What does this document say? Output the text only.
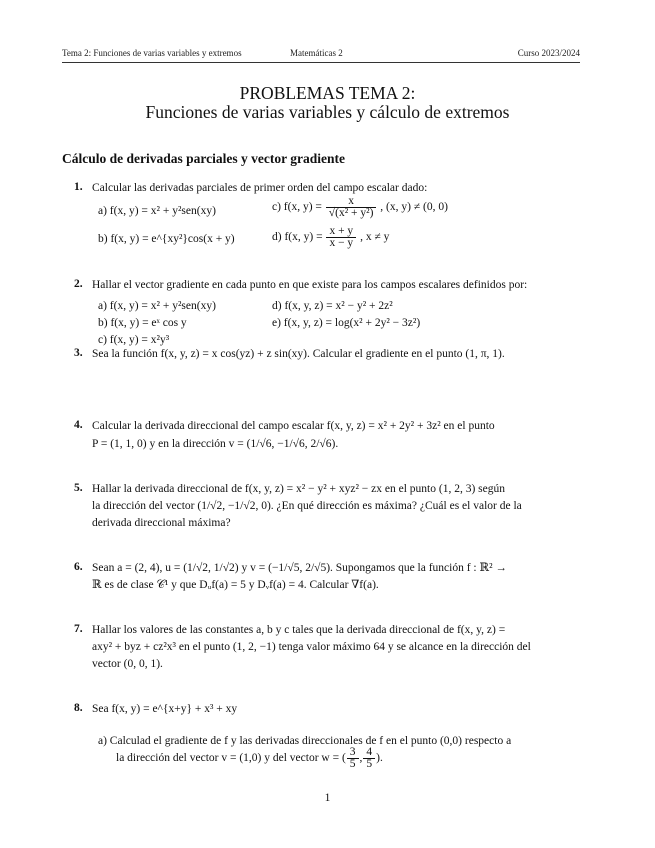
Tema 2: Funciones de varias variables y extremos	Matemáticas 2	Curso 2023/2024
PROBLEMAS TEMA 2:
Funciones de varias variables y cálculo de extremos
Cálculo de derivadas parciales y vector gradiente
1. Calcular las derivadas parciales de primer orden del campo escalar dado:
a) f(x, y) = x² + y²sen(xy)
b) f(x, y) = e^{xy²}cos(x + y)
c) f(x, $y) = \frac{x}{\text{√(x² + y²)}}$ , (x, y) ≠ (0, 0)
d) f(x, $y) = \frac{x + y}{x - y}$ , x ≠ y
2. Hallar el vector gradiente en cada punto en que existe para los campos escalares definidos por:
a) f(x, y) = x² + y²sen(xy)
b) f(x, y) = eˣ cos y
c) f(x, y) = x²y³
d) f(x, y, z) = x² − y² + 2z²
e) f(x, y, z) = log(x² + 2y² − 3z²)
3. Sea la función f(x, y, z) = x cos(yz) + z sin(xy). Calcular el gradiente en el punto (1, π, 1).
4. Calcular la derivada direccional del campo escalar f(x, y, z) = x² + 2y² + 3z² en el punto
P = (1, 1, 0) y en la dirección v = (1/√6, −1/√6, 2/√6).
5. Hallar la derivada direccional de f(x, y, z) = x² − y² + xyz² − zx en el punto (1, 2, 3) según
la dirección del vector (1/√2, −1/√2, 0). ¿En qué dirección es máxima? ¿Cuál es el valor de la
derivada direccional máxima?
6. Sean a = (2, 4), u = (1/√2, 1/√2) y v = (−1/√5, 2/√5). Supongamos que la función f : ℝ² →
ℝ es de clase 𝒞¹ y que Dᵤf(a) = 5 y Dᵥf(a) = 4. Calcular ∇f(a).
7. Hallar los valores de las constantes a, b y c tales que la derivada direccional de f(x, y, z) =
axy² + byz + cz²x³ en el punto (1, 2, −1) tenga valor máximo 64 y se alcance en la dirección del
vector (0, 0, 1).
8. Sea f(x, y) = e^{x+y} + x³ + xy
a) Calculad el gradiente de f y las derivadas direccionales de f en el punto (0,0) respecto a
la dirección del vector v = (1,0) y del vector w = ( $\frac{3}{5}$ , $\frac{4}{5}$ ).
1
